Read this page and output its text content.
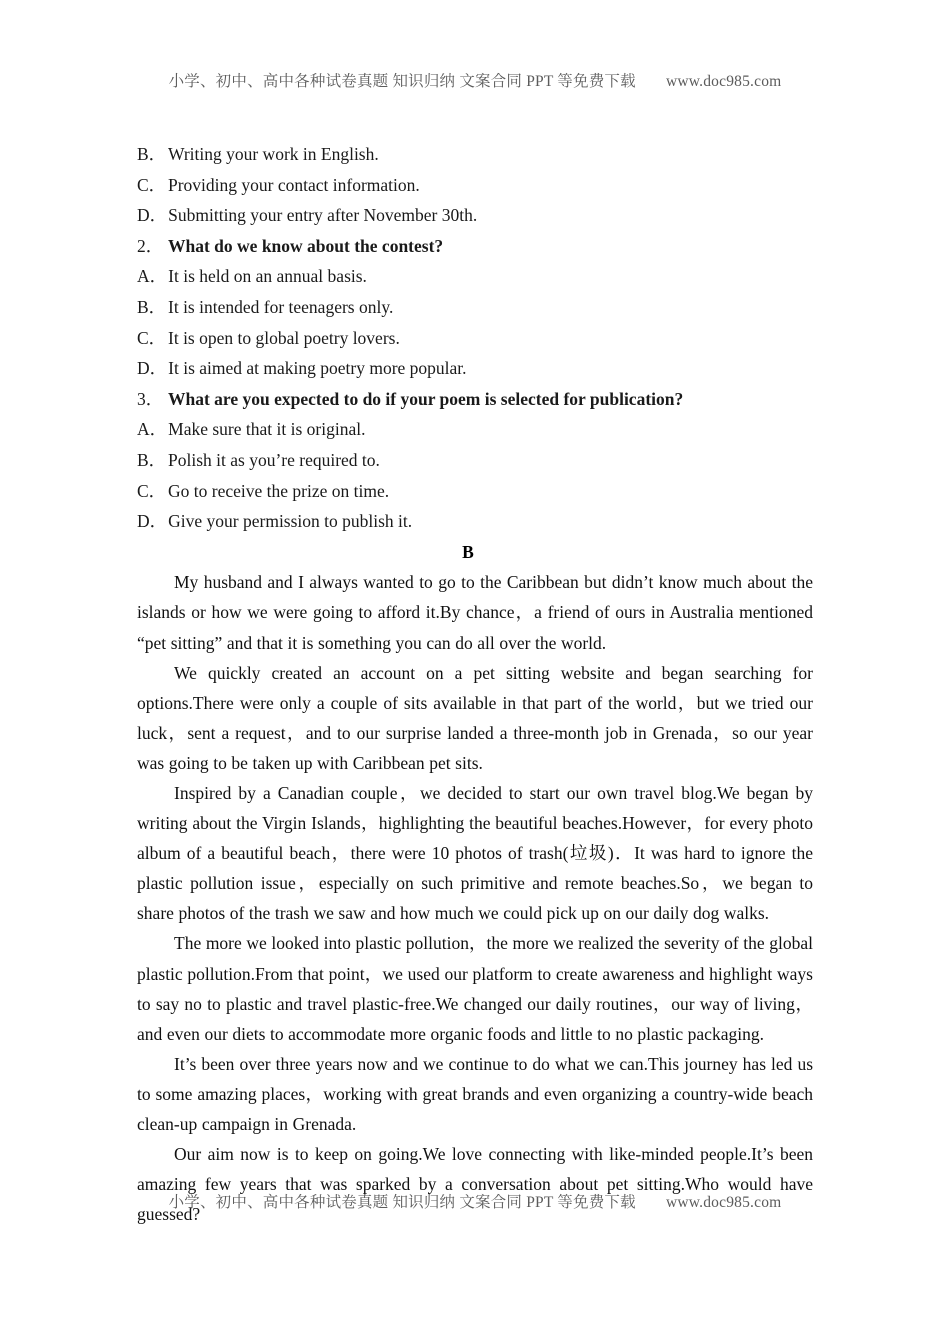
小学、初中、高中各种试卷真题 知识归纳 文案合同 PPT 等免费下载 www.doc985.com
B． Writing your work in English.
C． Providing your contact information.
D．Submitting your entry after November 30th.
2． What do we know about the contest?
A．It is held on an annual basis.
B． It is intended for teenagers only.
C． It is open to global poetry lovers.
D．It is aimed at making poetry more popular.
3． What are you expected to do if your poem is selected for publication?
A．Make sure that it is original.
B． Polish it as you’re required to.
C． Go to receive the prize on time.
D．Give your permission to publish it.
B

My husband and I always wanted to go to the Caribbean but didn’t know much about the islands or how we were going to afford it.By chance，a friend of ours in Australia mentioned “pet sitting” and that it is something you can do all over the world.

We quickly created an account on a pet sitting website and began searching for options.There were only a couple of sits available in that part of the world，but we tried our luck，sent a request，and to our surprise landed a three-month job in Grenada，so our year was going to be taken up with Caribbean pet sits.

Inspired by a Canadian couple，we decided to start our own travel blog.We began by writing about the Virgin Islands，highlighting the beautiful beaches.However，for every photo album of a beautiful beach，there were 10 photos of trash(垃圾)．It was hard to ignore the plastic pollution issue，especially on such primitive and remote beaches.So，we began to share photos of the trash we saw and how much we could pick up on our daily dog walks.

The more we looked into plastic pollution，the more we realized the severity of the global plastic pollution.From that point，we used our platform to create awareness and highlight ways to say no to plastic and travel plastic-free.We changed our daily routines，our way of living，and even our diets to accommodate more organic foods and little to no plastic packaging.

It’s been over three years now and we continue to do what we can.This journey has led us to some amazing places，working with great brands and even organizing a country-wide beach clean-up campaign in Grenada.

Our aim now is to keep on going.We love connecting with like-minded people.It’s been amazing few years that was sparked by a conversation about pet sitting.Who would have guessed?

小学、初中、高中各种试卷真题 知识归纳 文案合同 PPT 等免费下载 www.doc985.com
